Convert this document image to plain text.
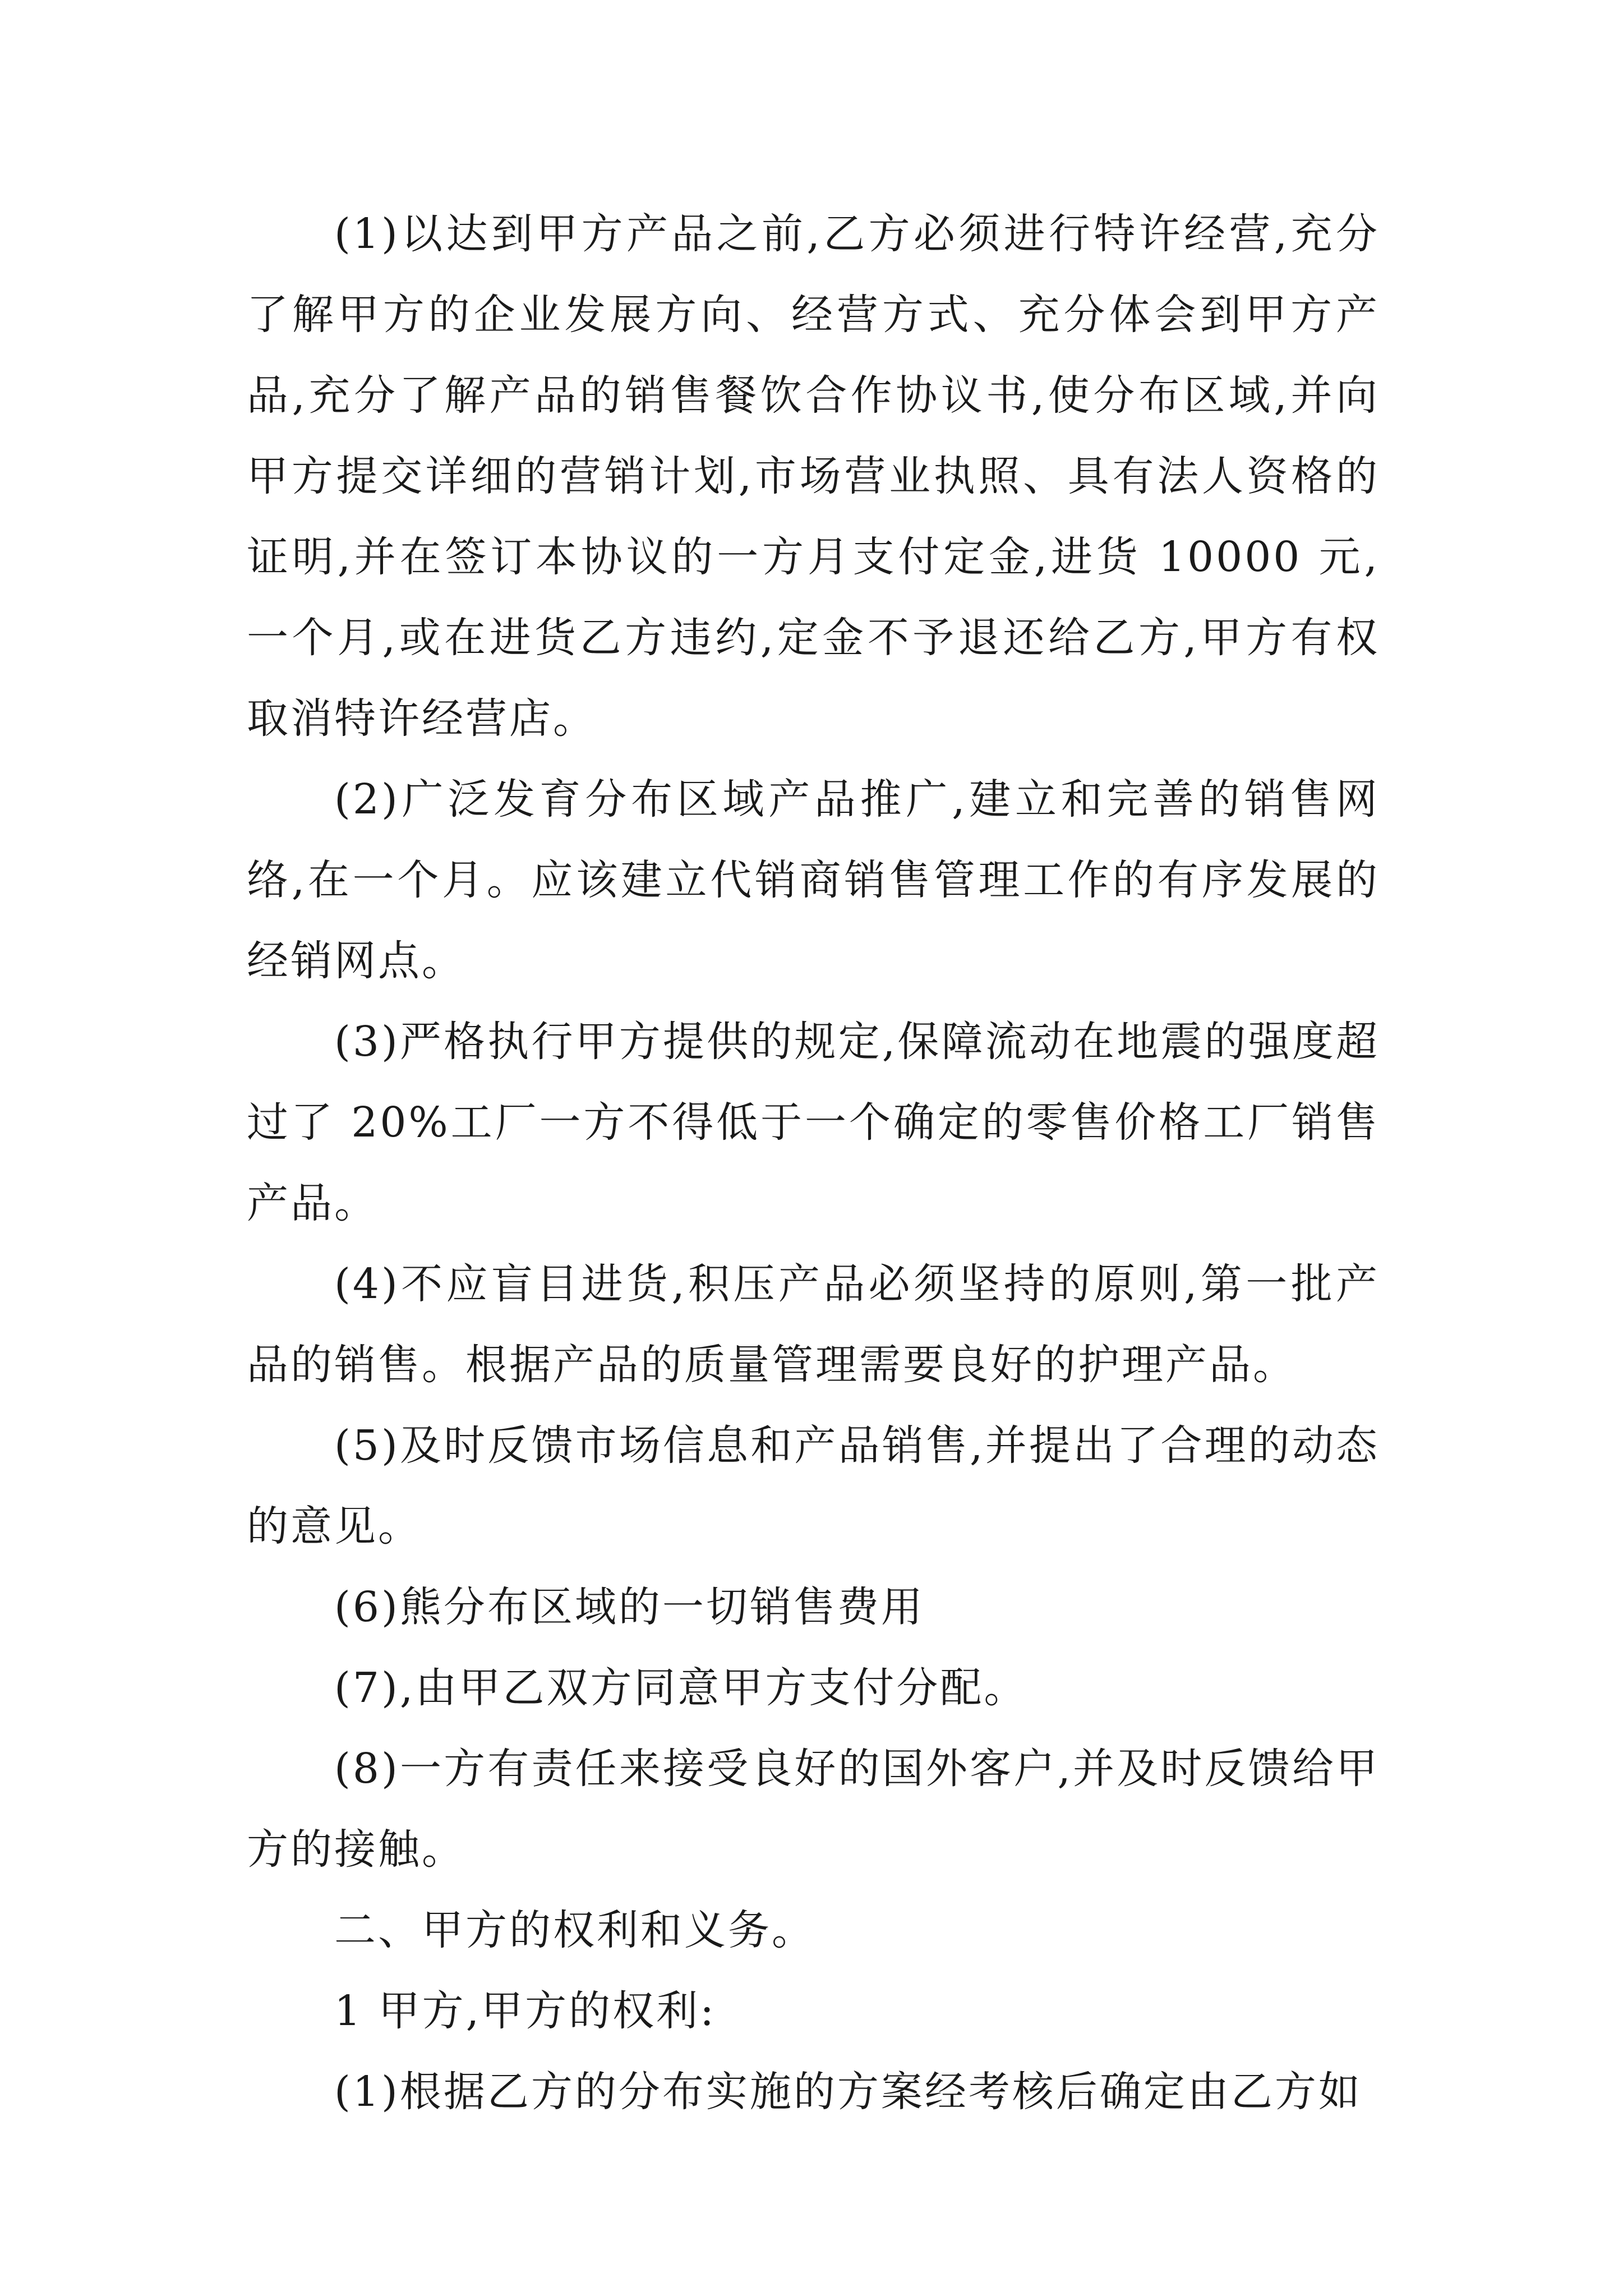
(1)以达到甲方产品之前,乙方必须进行特许经营,充分了解甲方的企业发展方向、经营方式、充分体会到甲方产品,充分了解产品的销售餐饮合作协议书,使分布区域,并向甲方提交详细的营销计划,市场营业执照、具有法人资格的证明,并在签订本协议的一方月支付定金,进货 10000 元,一个月,或在进货乙方违约,定金不予退还给乙方,甲方有权取消特许经营店。

(2)广泛发育分布区域产品推广,建立和完善的销售网络,在一个月。应该建立代销商销售管理工作的有序发展的经销网点。

(3)严格执行甲方提供的规定,保障流动在地震的强度超过了 20%工厂一方不得低于一个确定的零售价格工厂销售产品。

(4)不应盲目进货,积压产品必须坚持的原则,第一批产品的销售。根据产品的质量管理需要良好的护理产品。

(5)及时反馈市场信息和产品销售,并提出了合理的动态的意见。

(6)熊分布区域的一切销售费用

(7),由甲乙双方同意甲方支付分配。

(8)一方有责任来接受良好的国外客户,并及时反馈给甲方的接触。

二、甲方的权利和义务。

1 甲方,甲方的权利:

(1)根据乙方的分布实施的方案经考核后确定由乙方如
